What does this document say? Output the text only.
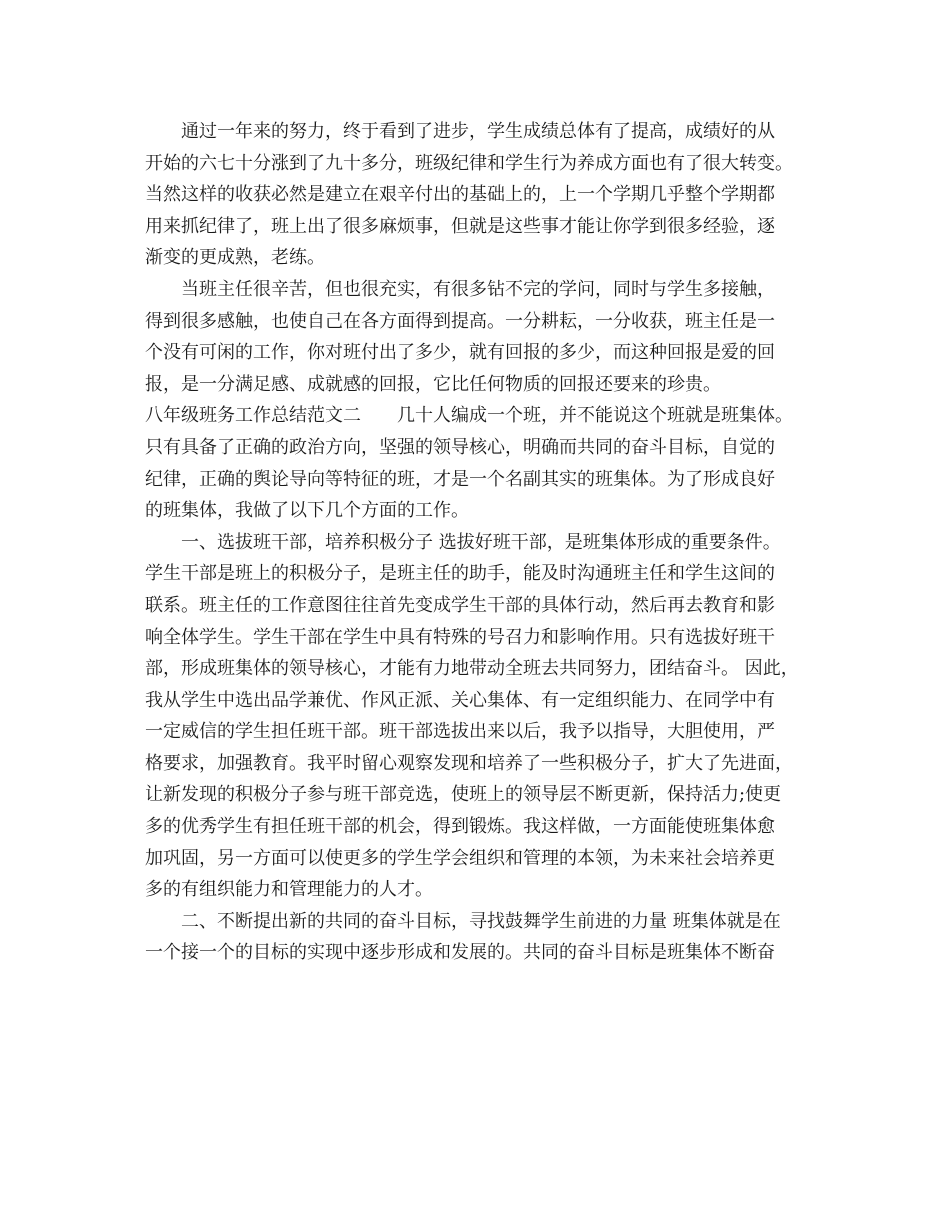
通过一年来的努力，终于看到了进步，学生成绩总体有了提高，成绩好的从
开始的六七十分涨到了九十多分，班级纪律和学生行为养成方面也有了很大转变。
当然这样的收获必然是建立在艰辛付出的基础上的，上一个学期几乎整个学期都
用来抓纪律了，班上出了很多麻烦事，但就是这些事才能让你学到很多经验，逐
渐变的更成熟，老练。
当班主任很辛苦，但也很充实，有很多钻不完的学问，同时与学生多接触，
得到很多感触，也使自己在各方面得到提高。一分耕耘，一分收获，班主任是一
个没有可闲的工作，你对班付出了多少，就有回报的多少，而这种回报是爱的回
报，是一分满足感、成就感的回报，它比任何物质的回报还要来的珍贵。
八年级班务工作总结范文二　　几十人编成一个班，并不能说这个班就是班集体。
只有具备了正确的政治方向，坚强的领导核心，明确而共同的奋斗目标，自觉的
纪律，正确的舆论导向等特征的班，才是一个名副其实的班集体。为了形成良好
的班集体，我做了以下几个方面的工作。
一、选拔班干部，培养积极分子 选拔好班干部，是班集体形成的重要条件。
学生干部是班上的积极分子，是班主任的助手，能及时沟通班主任和学生这间的
联系。班主任的工作意图往往首先变成学生干部的具体行动，然后再去教育和影
响全体学生。学生干部在学生中具有特殊的号召力和影响作用。只有选拔好班干
部，形成班集体的领导核心，才能有力地带动全班去共同努力，团结奋斗。 因此，
我从学生中选出品学兼优、作风正派、关心集体、有一定组织能力、在同学中有
一定威信的学生担任班干部。班干部选拔出来以后，我予以指导，大胆使用，严
格要求，加强教育。我平时留心观察发现和培养了一些积极分子，扩大了先进面，
让新发现的积极分子参与班干部竞选，使班上的领导层不断更新，保持活力;使更
多的优秀学生有担任班干部的机会，得到锻炼。我这样做，一方面能使班集体愈
加巩固，另一方面可以使更多的学生学会组织和管理的本领，为未来社会培养更
多的有组织能力和管理能力的人才。
二、不断提出新的共同的奋斗目标，寻找鼓舞学生前进的力量 班集体就是在
一个接一个的目标的实现中逐步形成和发展的。共同的奋斗目标是班集体不断奋
